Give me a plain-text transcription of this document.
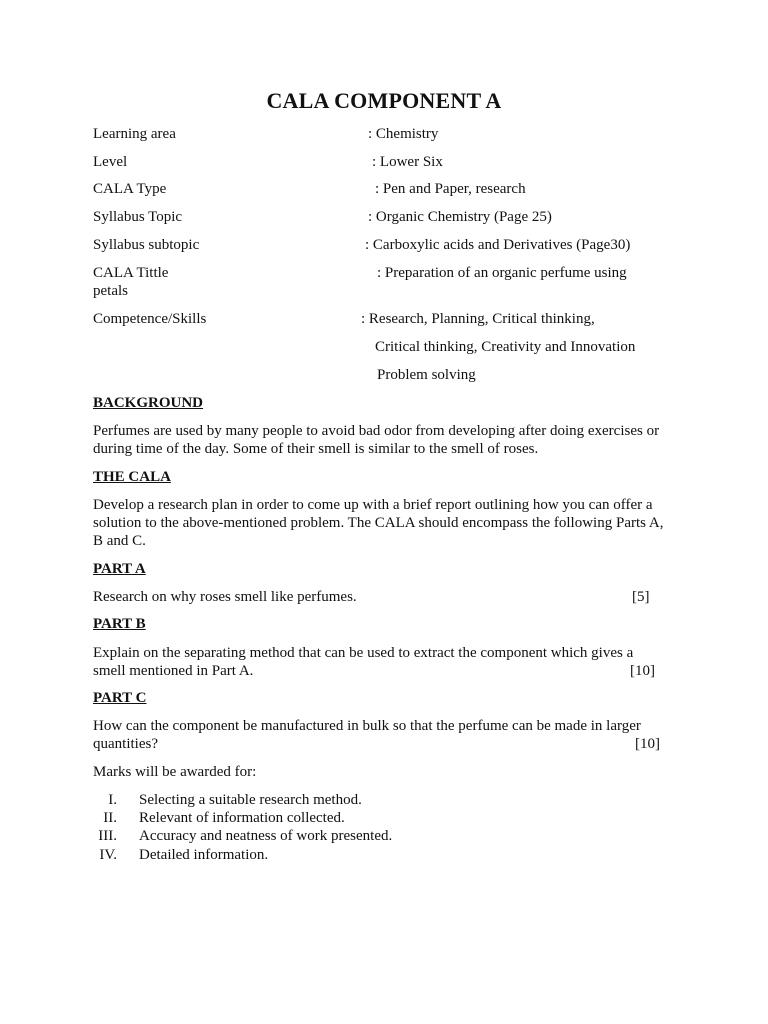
CALA COMPONENT A
Learning area	: Chemistry
Level	: Lower Six
CALA Type	: Pen and Paper, research
Syllabus Topic	: Organic Chemistry (Page 25)
Syllabus subtopic	: Carboxylic acids and Derivatives (Page30)
CALA Tittle	: Preparation of an organic perfume using
petals
Competence/Skills	: Research, Planning, Critical thinking,
Critical thinking, Creativity and Innovation
Problem solving
BACKGROUND
Perfumes are used by many people to avoid bad odor from developing after doing exercises or during time of the day. Some of their smell is similar to the smell of roses.
THE CALA
Develop a research plan in order to come up with a brief report outlining how you can offer a solution to the above-mentioned problem. The CALA should encompass the following Parts A, B and C.
PART A
Research on why roses smell like perfumes.	[5]
PART B
Explain on the separating method that can be used to extract the component which gives a smell mentioned in Part A.	[10]
PART C
How can the component be manufactured in bulk so that the perfume can be made in larger quantities?	[10]
Marks will be awarded for:
I. Selecting a suitable research method.
II. Relevant of information collected.
III. Accuracy and neatness of work presented.
IV. Detailed information.
